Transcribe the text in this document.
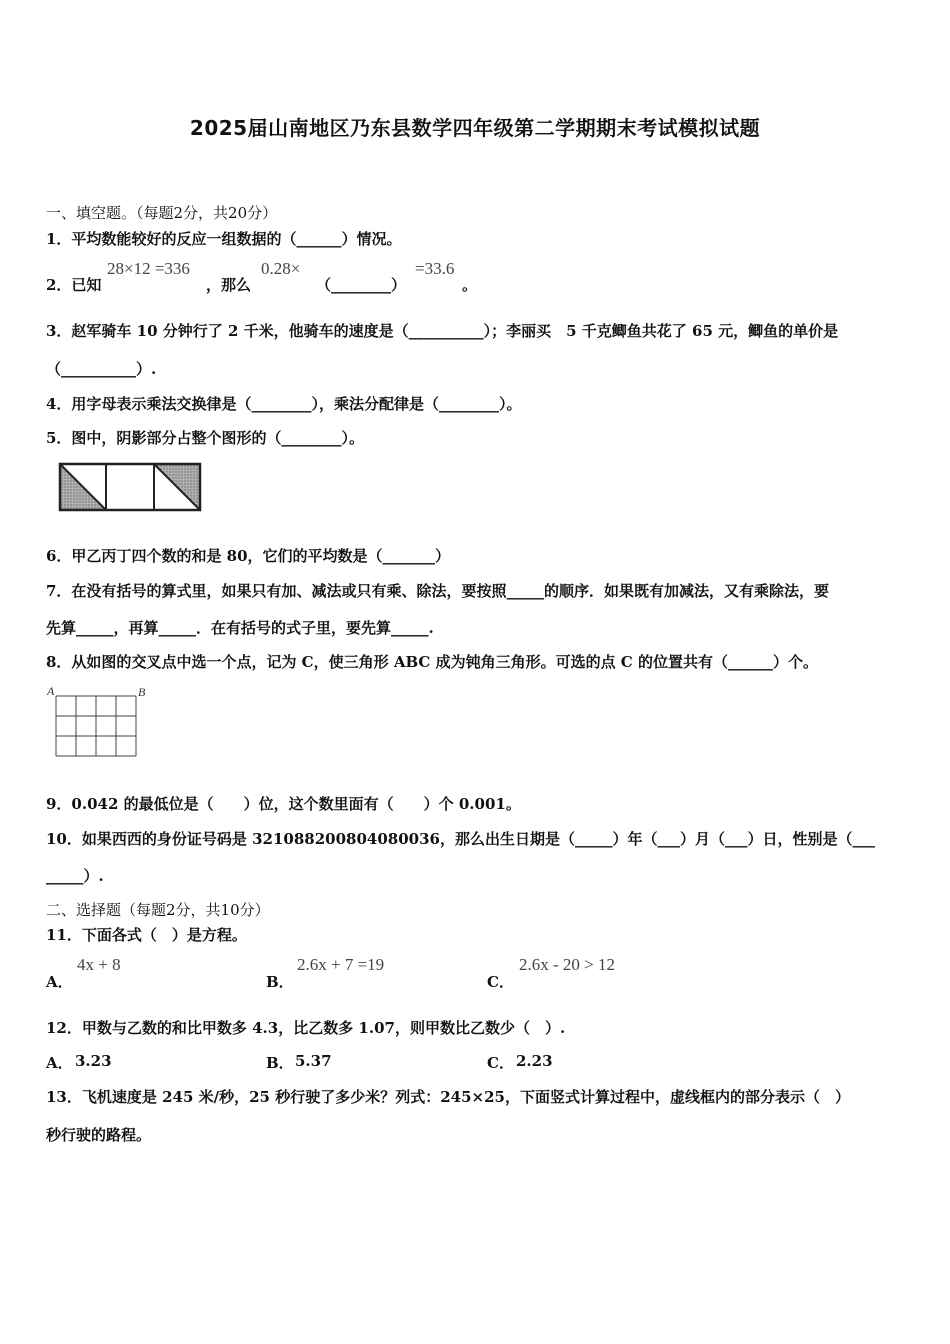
2025届山南地区乃东县数学四年级第二学期期末考试模拟试题
一、填空题。（每题2分，共20分）
1．平均数能较好的反应一组数据的（______）情况。
2．已知
28×12 =336
，那么
0.28×
（________）
=33.6
。
3．赵军骑车 10 分钟行了 2 千米，他骑车的速度是（__________）；李丽买　5 千克鲫鱼共花了 65 元，鲫鱼的单价是
（__________）.
4．用字母表示乘法交换律是（________），乘法分配律是（________）。
5．图中，阴影部分占整个图形的（________）。
6．甲乙丙丁四个数的和是 80，它们的平均数是（_______）
7．在没有括号的算式里，如果只有加、减法或只有乘、除法，要按照_____的顺序．如果既有加减法，又有乘除法，要
先算_____，再算_____．在有括号的式子里，要先算_____.
8．从如图的交叉点中选一个点，记为 C，使三角形 ABC 成为钝角三角形。可选的点 C 的位置共有（______）个。
A	B
9．0.042 的最低位是（　　）位，这个数里面有（　　）个 0.001。
10．如果西西的身份证号码是 321088200804080036，那么出生日期是（_____）年（___）月（___）日，性别是（___
_____）.
二、选择题（每题2分，共10分）
11．下面各式（　）是方程。
A．
4x + 8
B．
2.6x + 7 =19
C．
2.6x - 20 > 12
12．甲数与乙数的和比甲数多 4.3，比乙数多 1.07，则甲数比乙数少（　）.
A． 3.23	B． 5.37	C． 2.23
13．飞机速度是 245 米/秒，25 秒行驶了多少米？列式：245×25，下面竖式计算过程中，虚线框内的部分表示（　）
秒行驶的路程。
